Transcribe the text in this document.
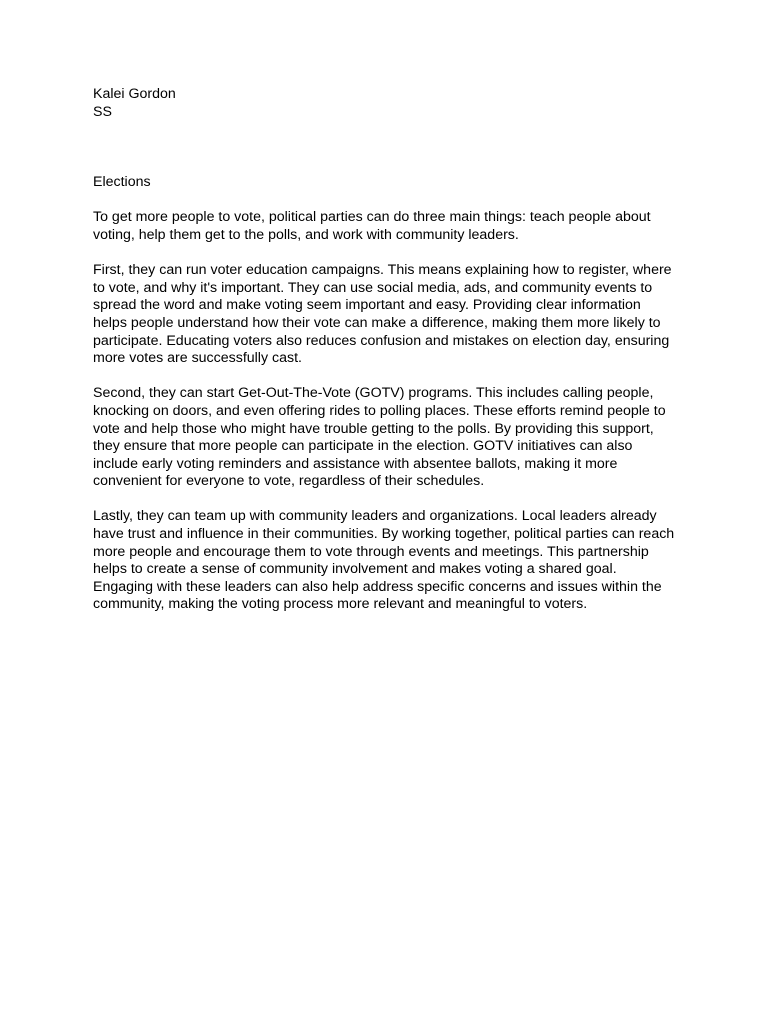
Kalei Gordon
SS
Elections
To get more people to vote, political parties can do three main things: teach people about
voting, help them get to the polls, and work with community leaders.
First, they can run voter education campaigns. This means explaining how to register, where
to vote, and why it's important. They can use social media, ads, and community events to
spread the word and make voting seem important and easy. Providing clear information
helps people understand how their vote can make a difference, making them more likely to
participate. Educating voters also reduces confusion and mistakes on election day, ensuring
more votes are successfully cast.
Second, they can start Get-Out-The-Vote (GOTV) programs. This includes calling people,
knocking on doors, and even offering rides to polling places. These efforts remind people to
vote and help those who might have trouble getting to the polls. By providing this support,
they ensure that more people can participate in the election. GOTV initiatives can also
include early voting reminders and assistance with absentee ballots, making it more
convenient for everyone to vote, regardless of their schedules.
Lastly, they can team up with community leaders and organizations. Local leaders already
have trust and influence in their communities. By working together, political parties can reach
more people and encourage them to vote through events and meetings. This partnership
helps to create a sense of community involvement and makes voting a shared goal.
Engaging with these leaders can also help address specific concerns and issues within the
community, making the voting process more relevant and meaningful to voters.
